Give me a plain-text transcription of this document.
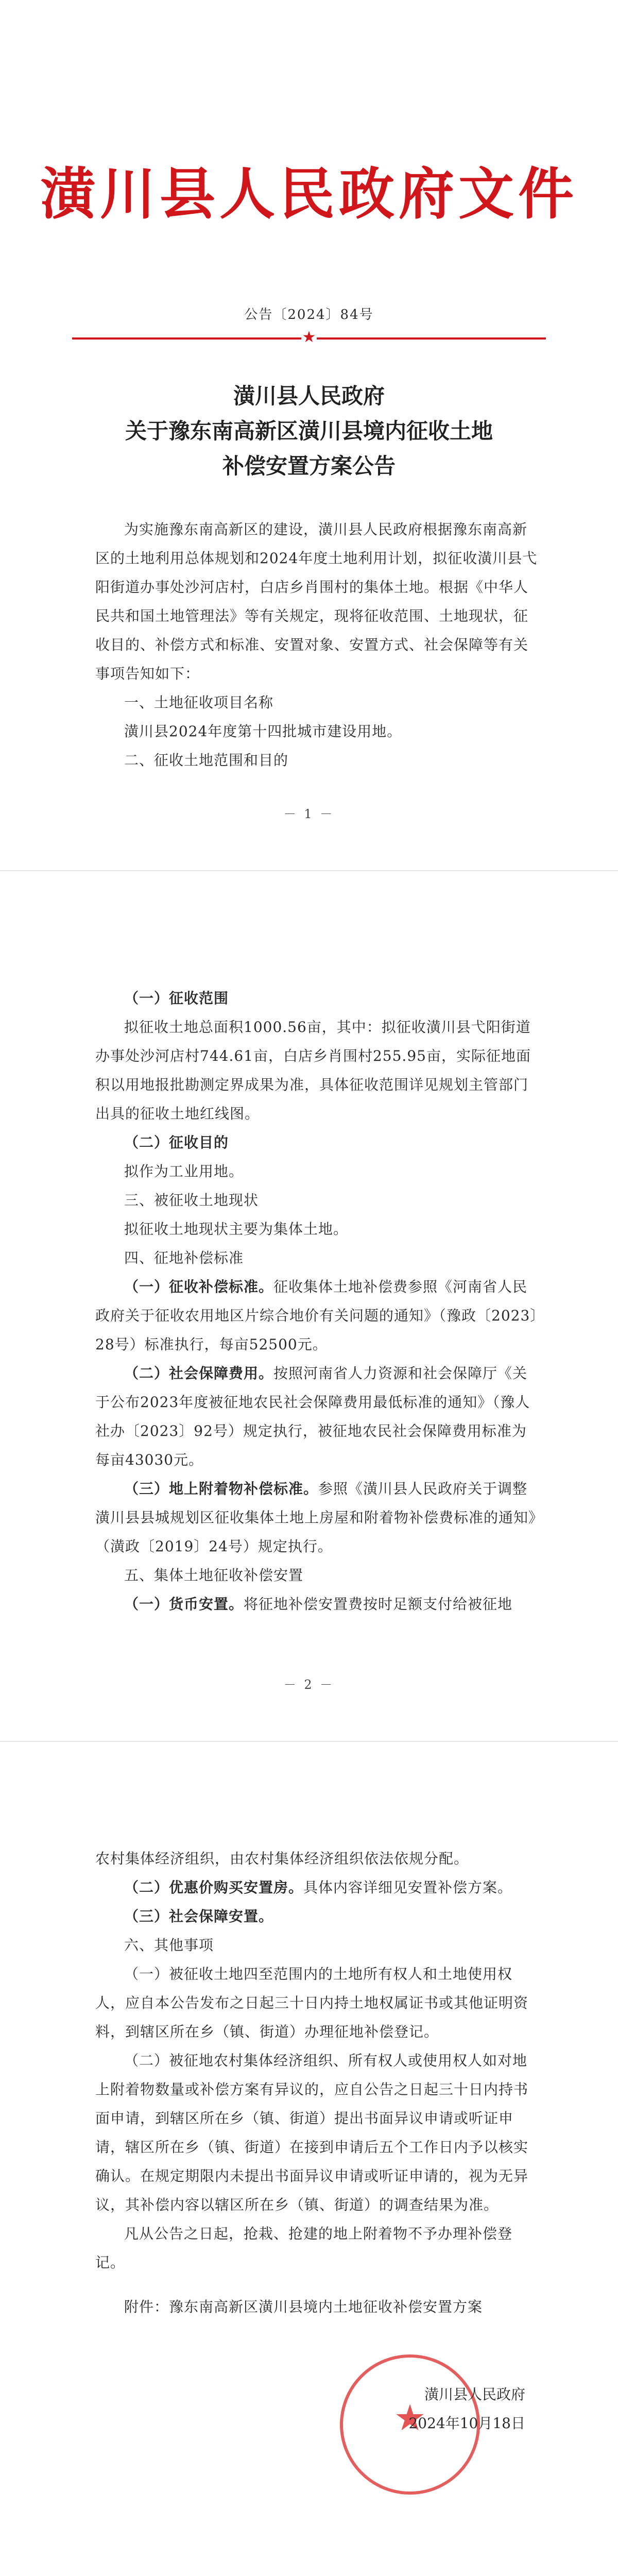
潢川县人民政府文件
公告〔2024〕84号
★
潢川县人民政府
关于豫东南高新区潢川县境内征收土地
补偿安置方案公告

为实施豫东南高新区的建设，潢川县人民政府根据豫东南高新区的土地利用总体规划和2024年度土地利用计划，拟征收潢川县弋阳街道办事处沙河店村，白店乡肖围村的集体土地。根据《中华人民共和国土地管理法》等有关规定，现将征收范围、土地现状，征收目的、补偿方式和标准、安置对象、安置方式、社会保障等有关事项告知如下：

一、土地征收项目名称

潢川县2024年度第十四批城市建设用地。

二、征收土地范围和目的

－ 1 －

（一）征收范围

拟征收土地总面积1000.56亩，其中：拟征收潢川县弋阳街道办事处沙河店村744.61亩，白店乡肖围村255.95亩，实际征地面积以用地报批勘测定界成果为准，具体征收范围详见规划主管部门出具的征收土地红线图。

（二）征收目的

拟作为工业用地。

三、被征收土地现状

拟征收土地现状主要为集体土地。

四、征地补偿标准

（一）征收补偿标准。征收集体土地补偿费参照《河南省人民政府关于征收农用地区片综合地价有关问题的通知》（豫政〔2023〕28号）标准执行，每亩52500元。

（二）社会保障费用。按照河南省人力资源和社会保障厅《关于公布2023年度被征地农民社会保障费用最低标准的通知》（豫人社办〔2023〕92号）规定执行，被征地农民社会保障费用标准为每亩43030元。

（三）地上附着物补偿标准。参照《潢川县人民政府关于调整潢川县县城规划区征收集体土地上房屋和附着物补偿费标准的通知》（潢政〔2019〕24号）规定执行。

五、集体土地征收补偿安置

（一）货币安置。将征地补偿安置费按时足额支付给被征地

－ 2 －

农村集体经济组织，由农村集体经济组织依法依规分配。

（二）优惠价购买安置房。具体内容详细见安置补偿方案。

（三）社会保障安置。

六、其他事项

（一）被征收土地四至范围内的土地所有权人和土地使用权人，应自本公告发布之日起三十日内持土地权属证书或其他证明资料，到辖区所在乡（镇、街道）办理征地补偿登记。

（二）被征地农村集体经济组织、所有权人或使用权人如对地上附着物数量或补偿方案有异议的，应自公告之日起三十日内持书面申请，到辖区所在乡（镇、街道）提出书面异议申请或听证申请，辖区所在乡（镇、街道）在接到申请后五个工作日内予以核实确认。在规定期限内未提出书面异议申请或听证申请的，视为无异议，其补偿内容以辖区所在乡（镇、街道）的调查结果为准。

凡从公告之日起，抢栽、抢建的地上附着物不予办理补偿登记。

附件：豫东南高新区潢川县境内土地征收补偿安置方案

★
潢川县人民政府
2024年10月18日
